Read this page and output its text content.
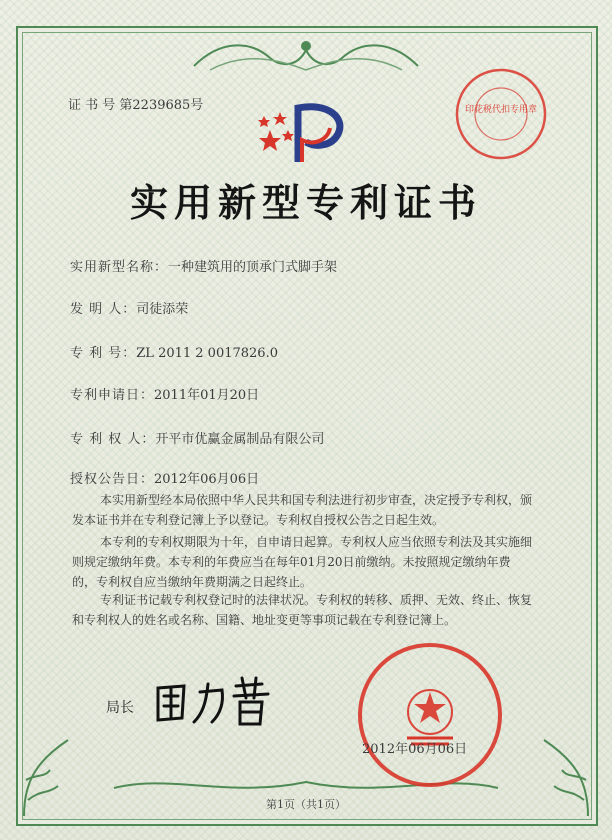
证 书 号 第2239685号	印花税代扣专用章
实用新型专利证书
实用新型名称：一种建筑用的顶承门式脚手架
发 明 人：司徒添荣
专 利 号：ZL 2011 2 0017826.0
专利申请日：2011年01月20日
专 利 权 人：开平市优赢金属制品有限公司
授权公告日：2012年06月06日
本实用新型经本局依照中华人民共和国专利法进行初步审查，决定授予专利权，颁发本证书并在专利登记簿上予以登记。专利权自授权公告之日起生效。
本专利的专利权期限为十年，自申请日起算。专利权人应当依照专利法及其实施细则规定缴纳年费。本专利的年费应当在每年01月20日前缴纳。未按照规定缴纳年费的，专利权自应当缴纳年费期满之日起终止。
专利证书记载专利权登记时的法律状况。专利权的转移、质押、无效、终止、恢复和专利权人的姓名或名称、国籍、地址变更等事项记载在专利登记簿上。
局长
2012年06月06日
第1页（共1页）
